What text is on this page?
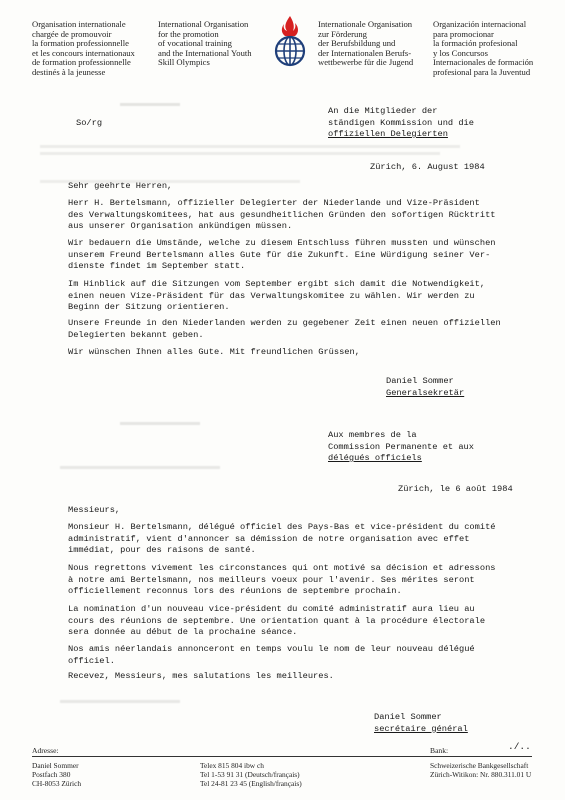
Organisation internationale
chargée de promouvoir
la formation professionnelle
et les concours internationaux
de formation professionnelle
destinés à la jeunesse
International Organisation
for the promotion
of vocational training
and the International Youth
Skill Olympics
Internationale Organisation
zur Förderung
der Berufsbildung und
der Internationalen Berufs-
wettbewerbe für die Jugend
Organización internacional
para promocionar
la formación profesional
y los Concursos
Internacionales de formación
profesional para la Juventud
So/rg
An die Mitglieder der
ständigen Kommission und die
offiziellen Delegierten
Zürich, 6. August 1984
Sehr geehrte Herren,
Herr H. Bertelsmann, offizieller Delegierter der Niederlande und Vize-Präsident
des Verwaltungskomitees, hat aus gesundheitlichen Gründen den sofortigen Rücktritt
aus unserer Organisation ankündigen müssen.
Wir bedauern die Umstände, welche zu diesem Entschluss führen mussten und wünschen
unserem Freund Bertelsmann alles Gute für die Zukunft. Eine Würdigung seiner Ver-
dienste findet im September statt.
Im Hinblick auf die Sitzungen vom September ergibt sich damit die Notwendigkeit,
einen neuen Vize-Präsident für das Verwaltungskomitee zu wählen. Wir werden zu
Beginn der Sitzung orientieren.
Unsere Freunde in den Niederlanden werden zu gegebener Zeit einen neuen offiziellen
Delegierten bekannt geben.
Wir wünschen Ihnen alles Gute. Mit freundlichen Grüssen,
Daniel Sommer
Generalsekretär
Aux membres de la
Commission Permanente et aux
délégués officiels
Zürich, le 6 août 1984
Messieurs,
Monsieur H. Bertelsmann, délégué officiel des Pays-Bas et vice-président du comité
administratif, vient d'annoncer sa démission de notre organisation avec effet
immédiat, pour des raisons de santé.
Nous regrettons vivement les circonstances qui ont motivé sa décision et adressons
à notre ami Bertelsmann, nos meilleurs voeux pour l'avenir. Ses mérites seront
officiellement reconnus lors des réunions de septembre prochain.
La nomination d'un nouveau vice-président du comité administratif aura lieu au
cours des réunions de septembre. Une orientation quant à la procédure électorale
sera donnée au début de la prochaine séance.
Nos amis néerlandais annonceront en temps voulu le nom de leur nouveau délégué
officiel.
Recevez, Messieurs, mes salutations les meilleures.
Daniel Sommer
secrétaire général
./..
Adresse:	Bank:
Daniel Sommer
Postfach 380
CH-8053 Zürich
Telex 815 804 ibw ch
Tel 1-53 91 31 (Deutsch/français)
Tel 24-81 23 45 (English/français)
Schweizerische Bankgesellschaft
Zürich-Witikon: Nr. 880.311.01 U
